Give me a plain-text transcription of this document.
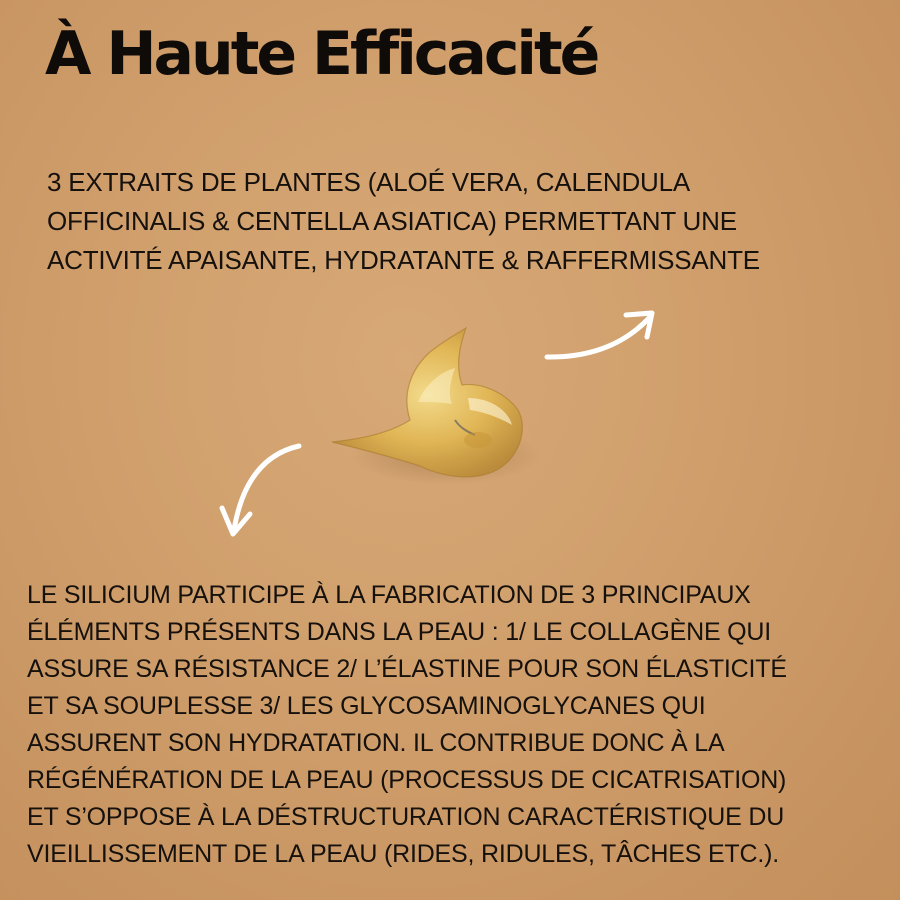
À Haute Efficacité
3 EXTRAITS DE PLANTES (ALOÉ VERA, CALENDULA
OFFICINALIS & CENTELLA ASIATICA) PERMETTANT UNE
ACTIVITÉ APAISANTE, HYDRATANTE & RAFFERMISSANTE
LE SILICIUM PARTICIPE À LA FABRICATION DE 3 PRINCIPAUX
ÉLÉMENTS PRÉSENTS DANS LA PEAU : 1/ LE COLLAGÈNE QUI
ASSURE SA RÉSISTANCE 2/ L’ÉLASTINE POUR SON ÉLASTICITÉ
ET SA SOUPLESSE 3/ LES GLYCOSAMINOGLYCANES QUI
ASSURENT SON HYDRATATION. IL CONTRIBUE DONC À LA
RÉGÉNÉRATION DE LA PEAU (PROCESSUS DE CICATRISATION)
ET S’OPPOSE À LA DÉSTRUCTURATION CARACTÉRISTIQUE DU
VIEILLISSEMENT DE LA PEAU (RIDES, RIDULES, TÂCHES ETC.).
